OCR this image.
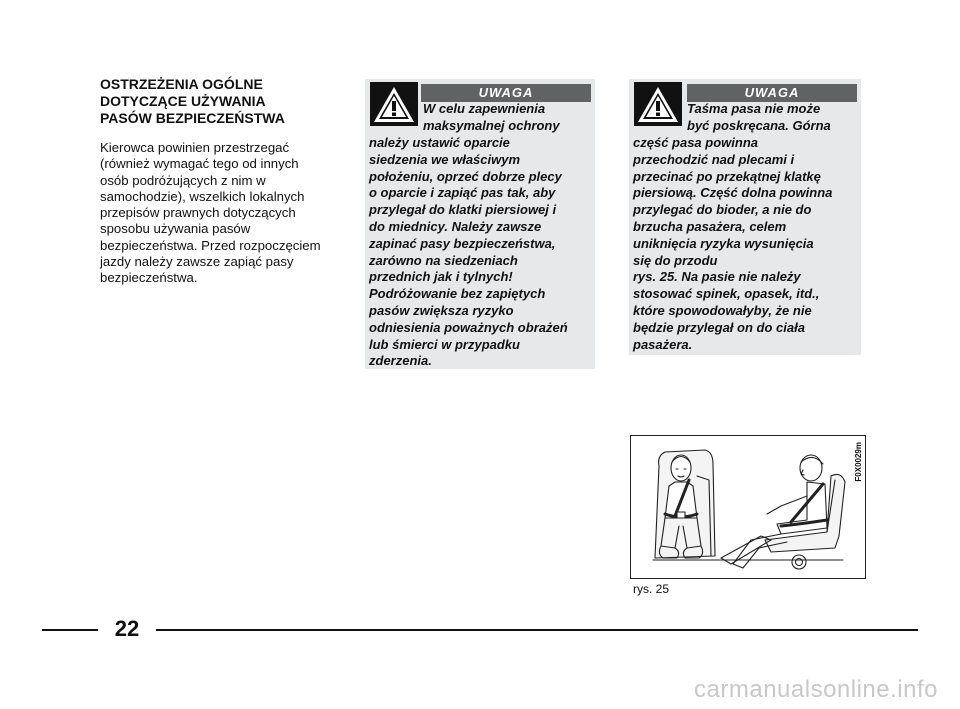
OSTRZEŻENIA OGÓLNE
DOTYCZĄCE UŻYWANIA
PASÓW BEZPIECZEŃSTWA

Kierowca powinien przestrzegać
(również wymagać tego od innych
osób podróżujących z nim w
samochodzie), wszelkich lokalnych
przepisów prawnych dotyczących
sposobu używania pasów
bezpieczeństwa. Przed rozpoczęciem
jazdy należy zawsze zapiąć pasy
bezpieczeństwa.

UWAGA

W celu zapewnienia
maksymalnej ochrony

należy ustawić oparcie
siedzenia we właściwym
położeniu, oprzeć dobrze plecy
o oparcie i zapiąć pas tak, aby
przylegał do klatki piersiowej i
do miednicy. Należy zawsze
zapinać pasy bezpieczeństwa,
zarówno na siedzeniach
przednich jak i tylnych!
Podróżowanie bez zapiętych
pasów zwiększa ryzyko
odniesienia poważnych obrażeń
lub śmierci w przypadku
zderzenia.

UWAGA

Taśma pasa nie może
być poskręcana. Górna

część pasa powinna
przechodzić nad plecami i
przecinać po przekątnej klatkę
piersiową. Część dolna powinna
przylegać do bioder, a nie do
brzucha pasażera, celem
uniknięcia ryzyka wysunięcia
się do przodu
rys. 25. Na pasie nie należy
stosować spinek, opasek, itd.,
które spowodowałyby, że nie
będzie przylegał on do ciała
pasażera.

F0X0029m
rys. 25
22
carmanualsonline.info
